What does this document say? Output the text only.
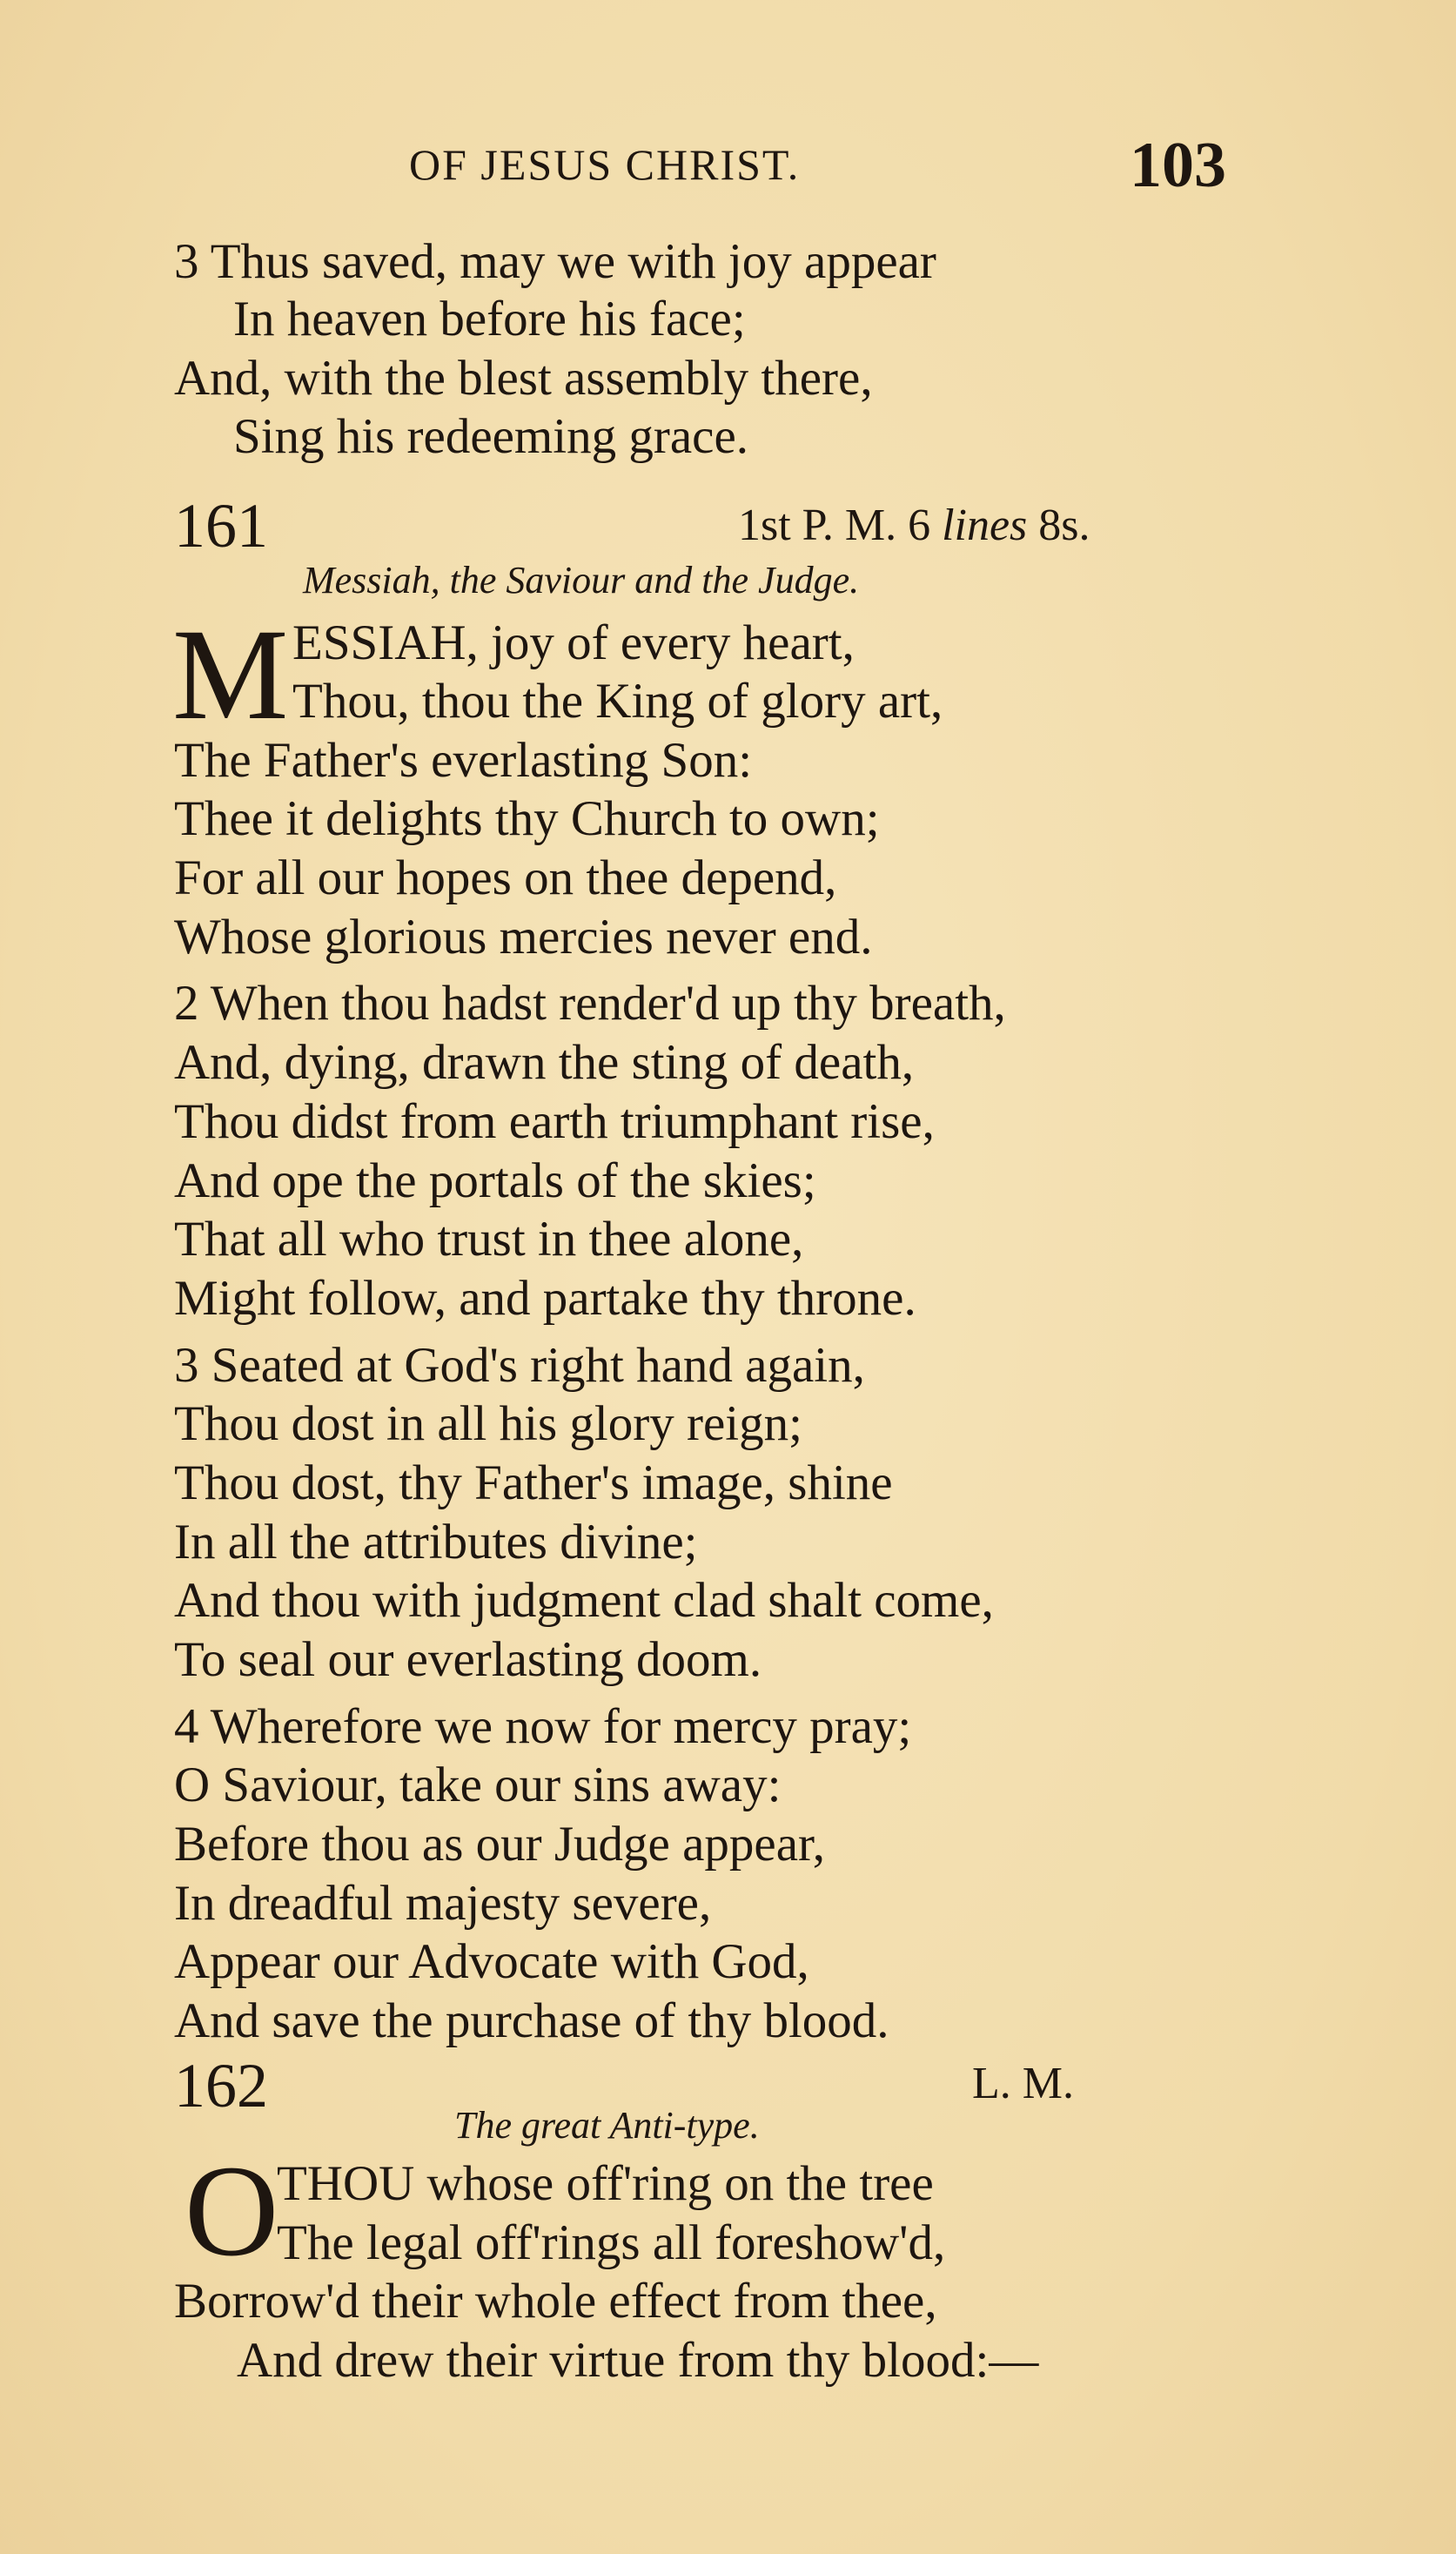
OF JESUS CHRIST.	103
3 Thus saved, may we with joy appear
In heaven before his face;
And, with the blest assembly there,
Sing his redeeming grace.
161	1st P. M. 6 lines 8s.
Messiah, the Saviour and the Judge.
M ESSIAH, joy of every heart,
Thou, thou the King of glory art,
The Father's everlasting Son:
Thee it delights thy Church to own;
For all our hopes on thee depend,
Whose glorious mercies never end.
2 When thou hadst render'd up thy breath,
And, dying, drawn the sting of death,
Thou didst from earth triumphant rise,
And ope the portals of the skies;
That all who trust in thee alone,
Might follow, and partake thy throne.
3 Seated at God's right hand again,
Thou dost in all his glory reign;
Thou dost, thy Father's image, shine
In all the attributes divine;
And thou with judgment clad shalt come,
To seal our everlasting doom.
4 Wherefore we now for mercy pray;
O Saviour, take our sins away:
Before thou as our Judge appear,
In dreadful majesty severe,
Appear our Advocate with God,
And save the purchase of thy blood.
162	L. M.
The great Anti-type.
O
THOU whose off'ring on the tree
The legal off'rings all foreshow'd,
Borrow'd their whole effect from thee,
And drew their virtue from thy blood:—
